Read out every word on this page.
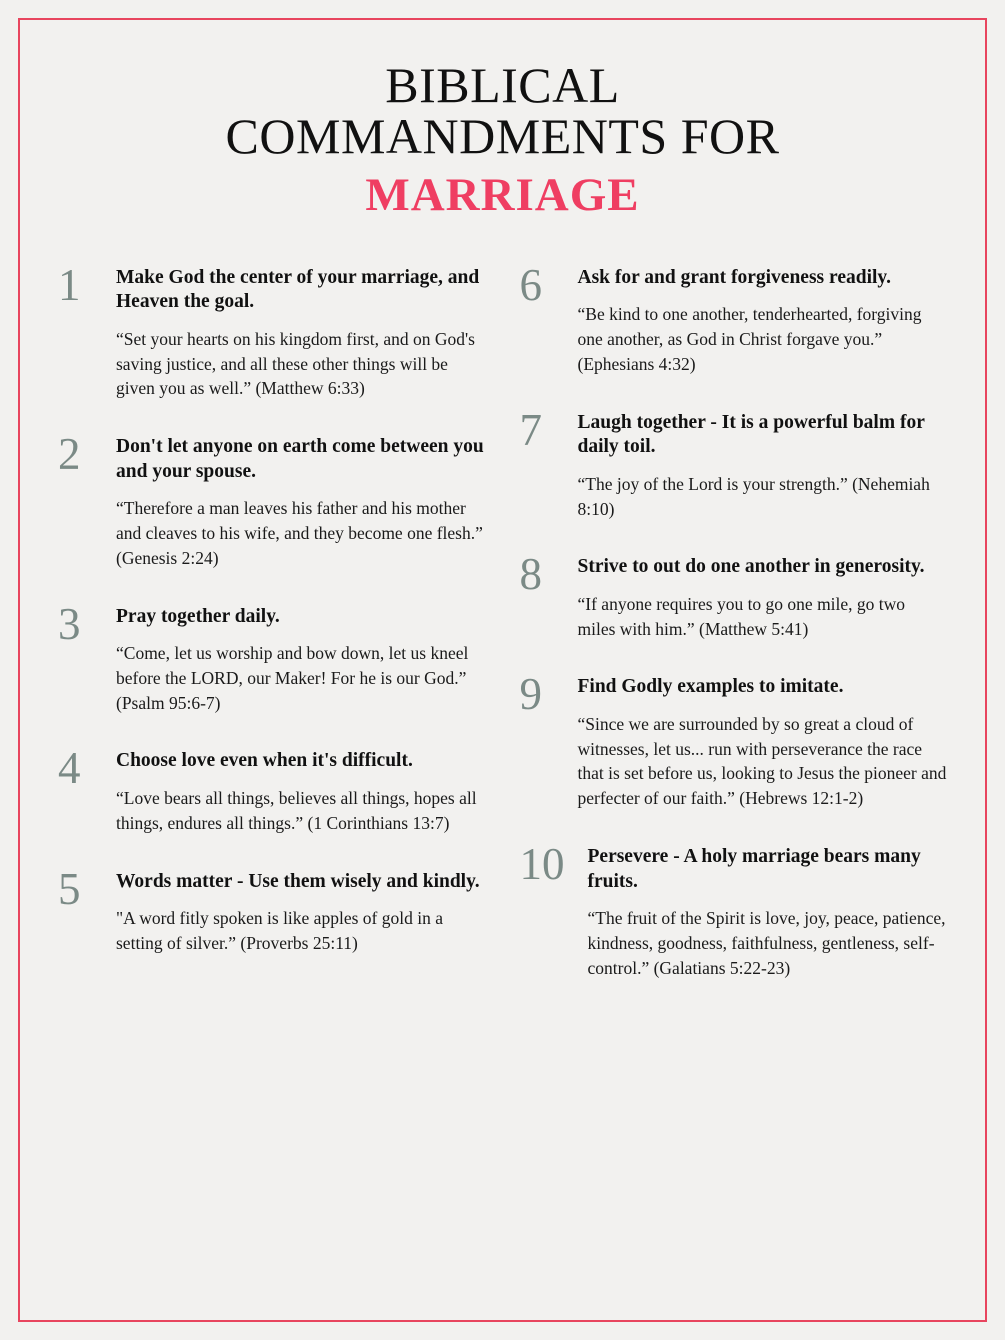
BIBLICAL
COMMANDMENTS FOR
MARRIAGE
1	Make God the center of your marriage, and Heaven the goal.

“Set your hearts on his kingdom first, and on God's saving justice, and all these other things will be given you as well.” (Matthew 6:33)

2	Don't let anyone on earth come between you and your spouse.

“Therefore a man leaves his father and his mother and cleaves to his wife, and they become one flesh.” (Genesis 2:24)

3	Pray together daily.

“Come, let us worship and bow down, let us kneel before the LORD, our Maker! For he is our God.” (Psalm 95:6-7)

4	Choose love even when it's difficult.

“Love bears all things, believes all things, hopes all things, endures all things.” (1 Corinthians 13:7)

5	Words matter - Use them wisely and kindly.

"A word fitly spoken is like apples of gold in a setting of silver.” (Proverbs 25:11)

6	Ask for and grant forgiveness readily.

“Be kind to one another, tenderhearted, forgiving one another, as God in Christ forgave you.” (Ephesians 4:32)

7	Laugh together - It is a powerful balm for daily toil.

“The joy of the Lord is your strength.” (Nehemiah 8:10)

8	Strive to out do one another in generosity.

“If anyone requires you to go one mile, go two miles with him.” (Matthew 5:41)

9	Find Godly examples to imitate.

“Since we are surrounded by so great a cloud of witnesses, let us... run with perseverance the race that is set before us, looking to Jesus the pioneer and perfecter of our faith.” (Hebrews 12:1-2)

10	Persevere - A holy marriage bears many fruits.

“The fruit of the Spirit is love, joy, peace, patience, kindness, goodness, faithfulness, gentleness, self-control.” (Galatians 5:22-23)
